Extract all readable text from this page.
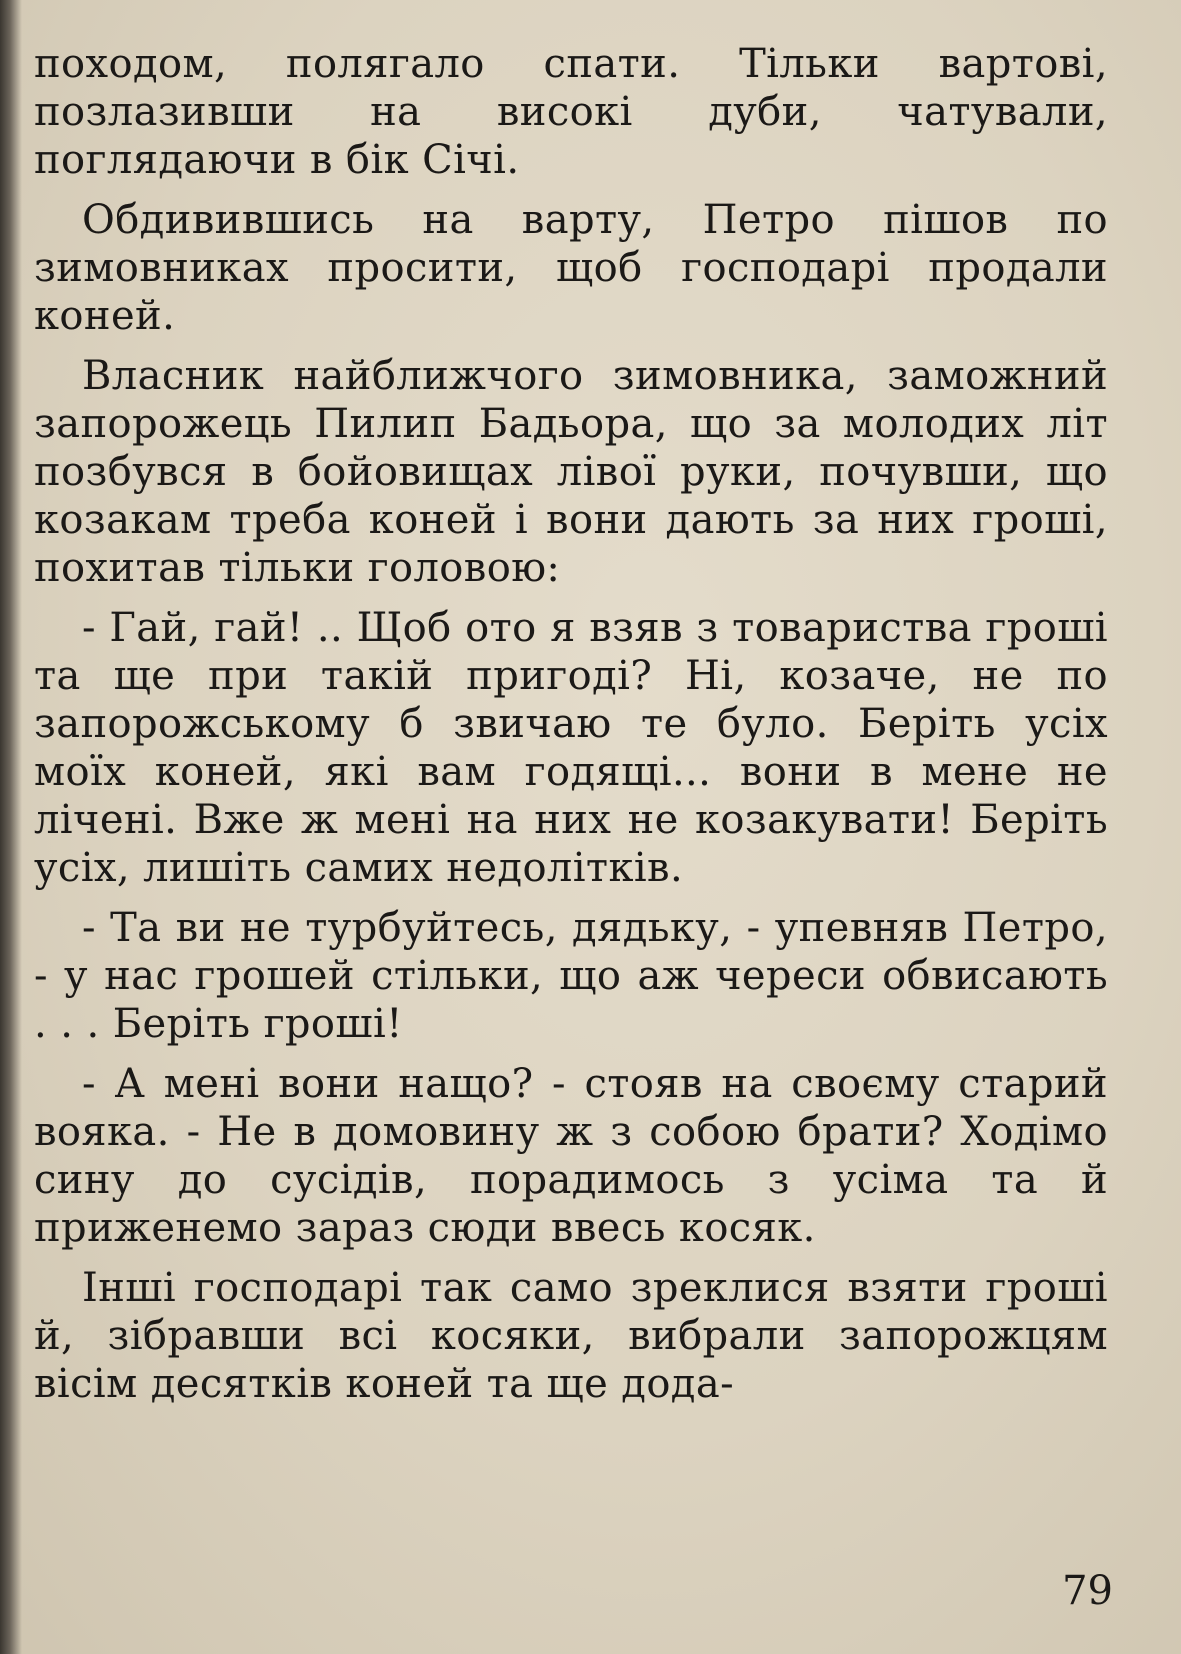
походом, полягало спати. Тільки вартові, позлазивши на високі дуби, чатували, поглядаючи в бік Січі.

Обдивившись на варту, Петро пішов по зимовниках просити, щоб господарі продали коней.

Власник найближчого зимовника, заможний запорожець Пилип Бадьора, що за молодих літ позбувся в бойовищах лівої руки, почувши, що козакам треба коней і вони дають за них гроші, похитав тільки головою:

- Гай, гай! .. Щоб ото я взяв з товариства гроші та ще при такій пригоді? Ні, козаче, не по запорожському б звичаю те було. Беріть усіх моїх коней, які вам годящі... вони в мене не лічені. Вже ж мені на них не козакувати! Беріть усіх, лишіть самих недолітків.

- Та ви не турбуйтесь, дядьку, - упевняв Петро, - у нас грошей стільки, що аж череси обвисають . . . Беріть гроші!

- А мені вони нащо? - стояв на своєму старий вояка. - Не в домовину ж з собою брати? Ходімо сину до сусідів, порадимось з усіма та й приженемо зараз сюди ввесь косяк.

Інші господарі так само зреклися взяти гроші й, зібравши всі косяки, вибрали запорожцям вісім десятків коней та ще дода-

79
